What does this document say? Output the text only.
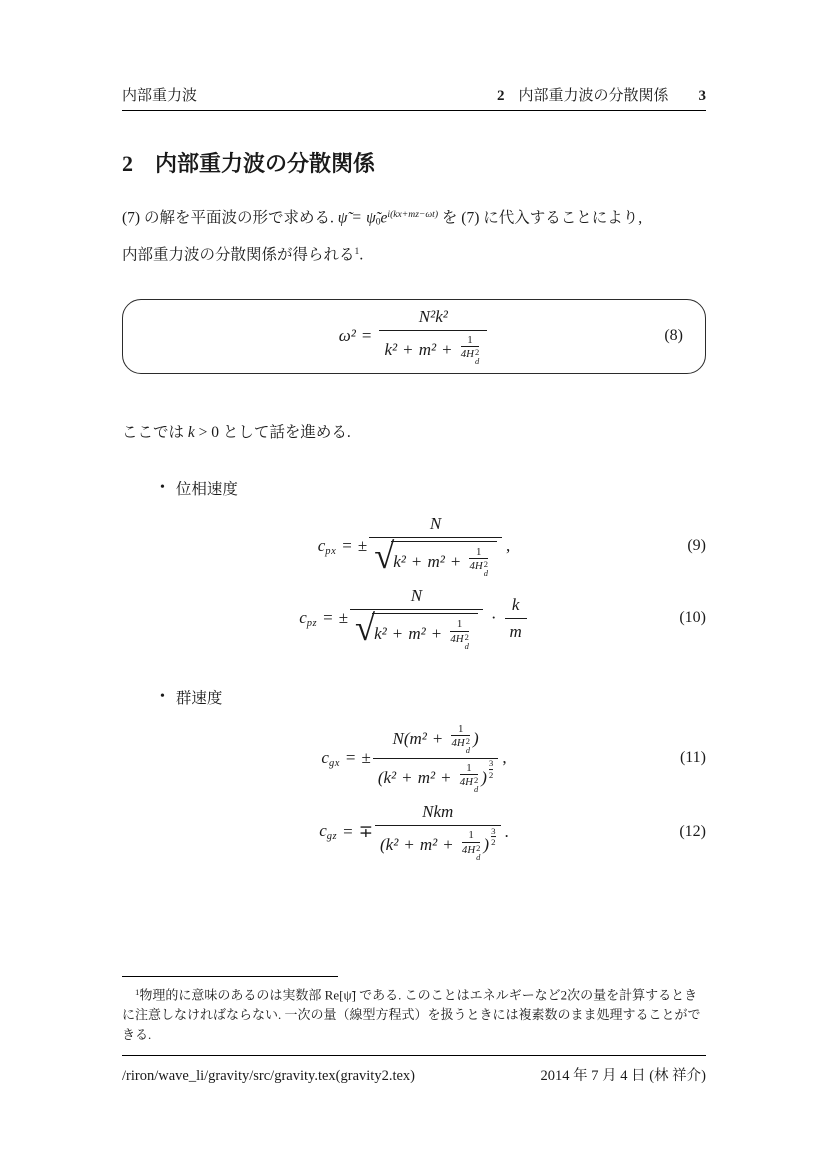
内部重力波	2 内部重力波の分散関係 3
2 内部重力波の分散関係

(7) の解を平面波の形で求める. ψ̃ = $\psĩ_0e^{i(kx+mz-\omega t)}$ を (7) に代入することにより,
内部重力波の分散関係が得られる$^1$.

ω² =
N²k²
k² + m² + 1
4H 2
d	(8)

ここでは k > 0 として話を進める.

• 位相速度
$c_{px}$ = ±
N
√ k² + m² +
1
4H 2
d
,	(9)
$c_{pz}$ = ±
N
√ k² + m² +
1
4H 2
d
· $\frac{k}{m}$	(10)
• 群速度
$c_{gx}$ = ±
N(m² + 1
4H 2
d )
(k² + m² + 1
4H 2
d )
3
2
,	(11)
$c_{gz}$ = ∓
Nkm
(k² + m² + 1
4H 2
d )
3
2
.	(12)

$^1$物理的に意味のあるのは実数部 Re[ψ̃] である. このことはエネルギーなど2次の量を計算するときに注意しなければならない. 一次の量（線型方程式）を扱うときには複素数のまま処理することができる.

/riron/wave_li/gravity/src/gravity.tex(gravity2.tex)	2014 年 7 月 4 日 (林 祥介)
